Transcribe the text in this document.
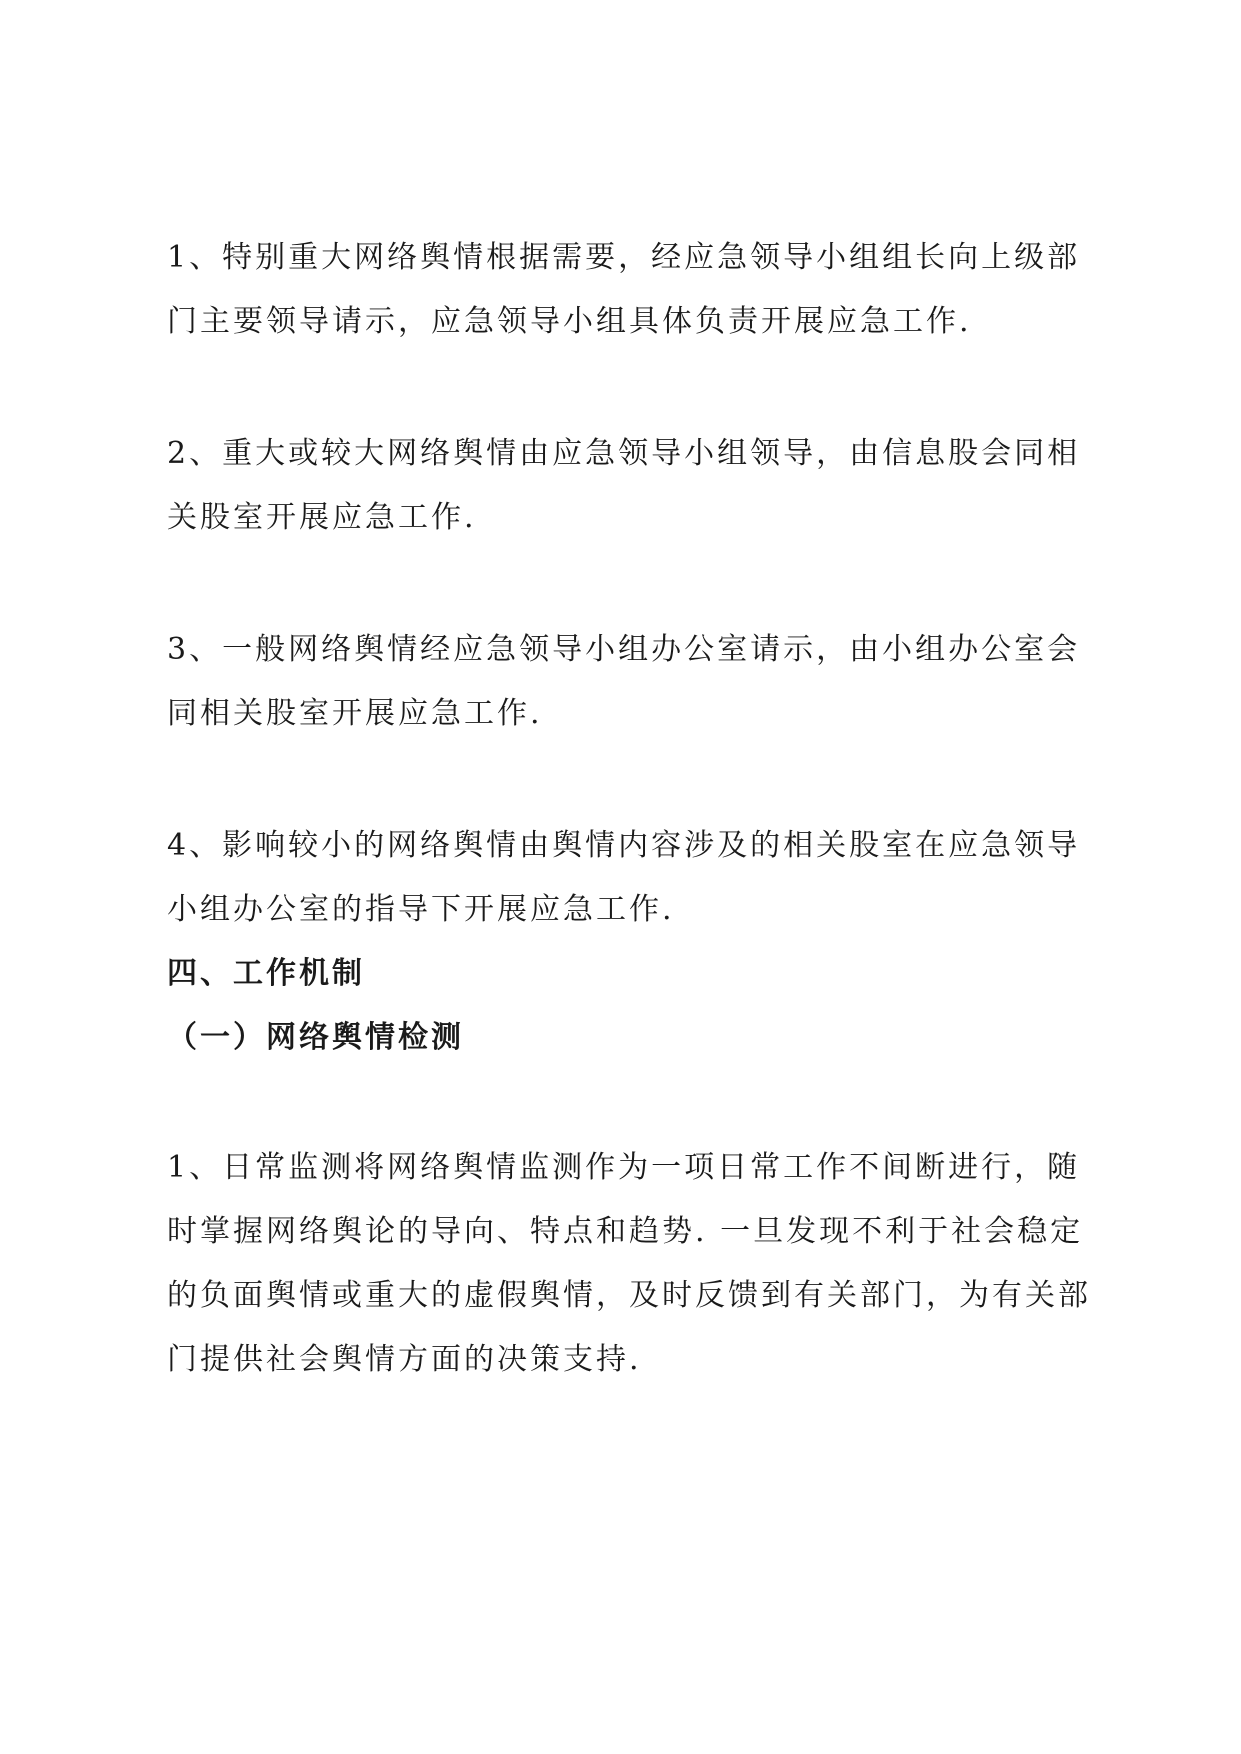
1、特别重大网络舆情根据需要，经应急领导小组组长向上级部
门主要领导请示，应急领导小组具体负责开展应急工作.

2、重大或较大网络舆情由应急领导小组领导，由信息股会同相
关股室开展应急工作.

3、一般网络舆情经应急领导小组办公室请示，由小组办公室会
同相关股室开展应急工作.

4、影响较小的网络舆情由舆情内容涉及的相关股室在应急领导
小组办公室的指导下开展应急工作.

四、工作机制
（一）网络舆情检测

1、日常监测将网络舆情监测作为一项日常工作不间断进行，随
时掌握网络舆论的导向、特点和趋势. 一旦发现不利于社会稳定
的负面舆情或重大的虚假舆情，及时反馈到有关部门，为有关部
门提供社会舆情方面的决策支持.
